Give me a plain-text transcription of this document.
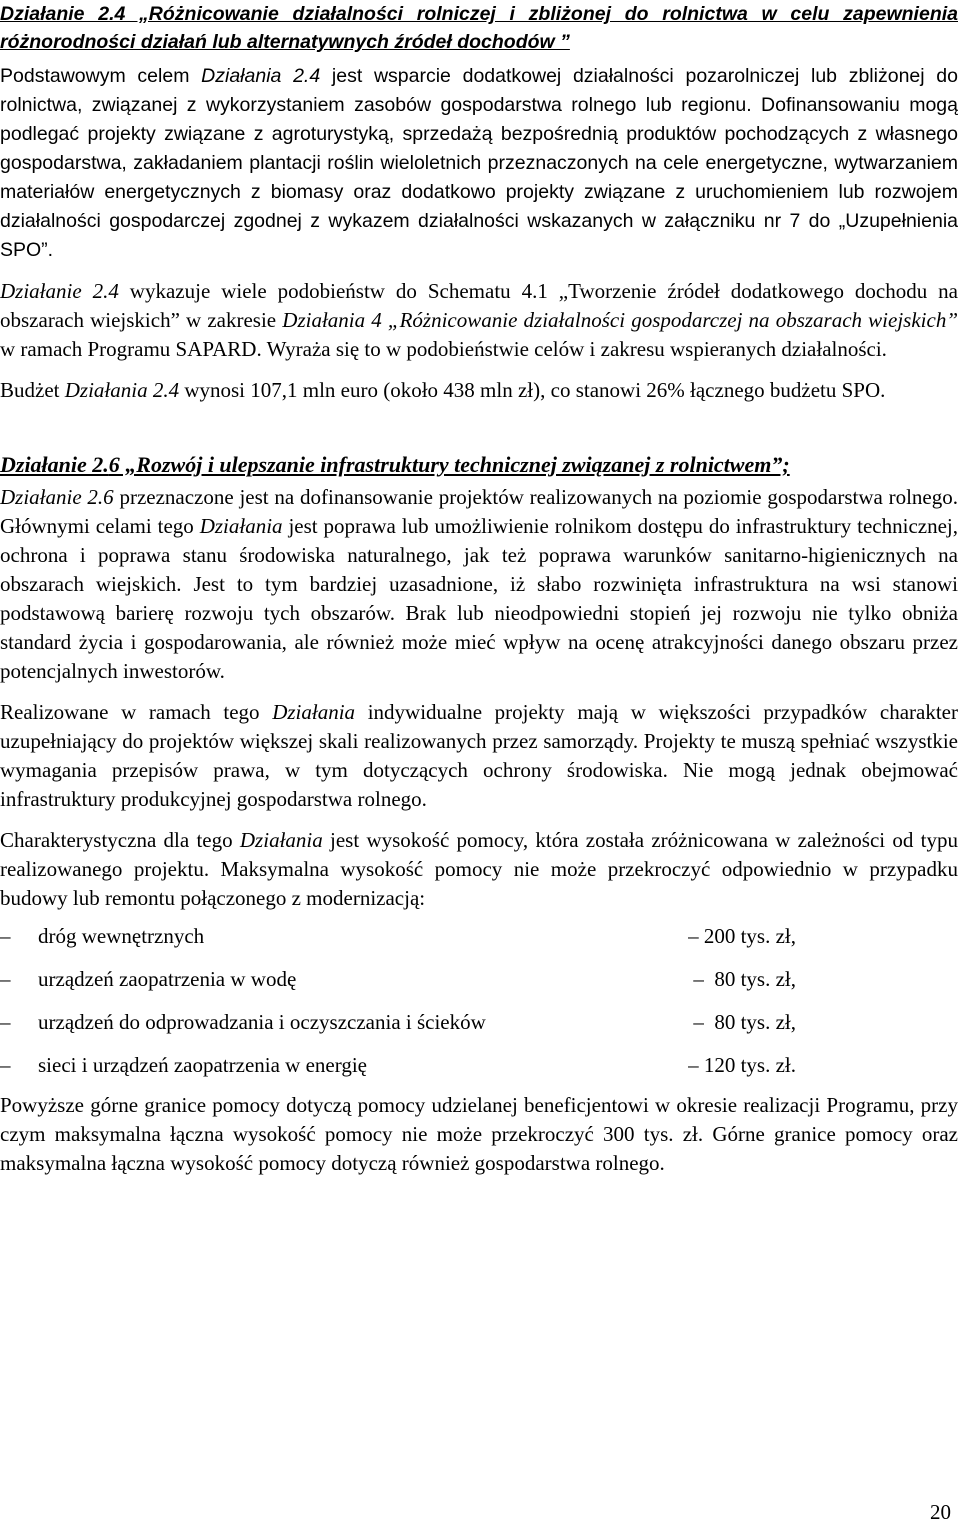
Działanie 2.4 „Różnicowanie działalności rolniczej i zbliżonej do rolnictwa w celu zapewnienia różnorodności działań lub alternatywnych źródeł dochodów ”

Podstawowym celem Działania 2.4 jest wsparcie dodatkowej działalności pozarolniczej lub zbliżonej do rolnictwa, związanej z wykorzystaniem zasobów gospodarstwa rolnego lub regionu. Dofinansowaniu mogą podlegać projekty związane z agroturystyką, sprzedażą bezpośrednią produktów pochodzących z własnego gospodarstwa, zakładaniem plantacji roślin wieloletnich przeznaczonych na cele energetyczne, wytwarzaniem materiałów energetycznych z biomasy oraz dodatkowo projekty związane z uruchomieniem lub rozwojem działalności gospodarczej zgodnej z wykazem działalności wskazanych w załączniku nr 7 do „Uzupełnienia SPO”.

Działanie 2.4 wykazuje wiele podobieństw do Schematu 4.1 „Tworzenie źródeł dodatkowego dochodu na obszarach wiejskich” w zakresie Działania 4 „Różnicowanie działalności gospodarczej na obszarach wiejskich” w ramach Programu SAPARD. Wyraża się to w podobieństwie celów i zakresu wspieranych działalności.

Budżet Działania 2.4 wynosi 107,1 mln euro (około 438 mln zł), co stanowi 26% łącznego budżetu SPO.

Działanie 2.6 „Rozwój i ulepszanie infrastruktury technicznej związanej z rolnictwem”;

Działanie 2.6 przeznaczone jest na dofinansowanie projektów realizowanych na poziomie gospodarstwa rolnego. Głównymi celami tego Działania jest poprawa lub umożliwienie rolnikom dostępu do infrastruktury technicznej, ochrona i poprawa stanu środowiska naturalnego, jak też poprawa warunków sanitarno-higienicznych na obszarach wiejskich. Jest to tym bardziej uzasadnione, iż słabo rozwinięta infrastruktura na wsi stanowi podstawową barierę rozwoju tych obszarów. Brak lub nieodpowiedni stopień jej rozwoju nie tylko obniża standard życia i gospodarowania, ale również może mieć wpływ na ocenę atrakcyjności danego obszaru przez potencjalnych inwestorów.

Realizowane w ramach tego Działania indywidualne projekty mają w większości przypadków charakter uzupełniający do projektów większej skali realizowanych przez samorządy. Projekty te muszą spełniać wszystkie wymagania przepisów prawa, w tym dotyczących ochrony środowiska. Nie mogą jednak obejmować infrastruktury produkcyjnej gospodarstwa rolnego.

Charakterystyczna dla tego Działania jest wysokość pomocy, która została zróżnicowana w zależności od typu realizowanego projektu. Maksymalna wysokość pomocy nie może przekroczyć odpowiednio w przypadku budowy lub remontu połączonego z modernizacją:

–	dróg wewnętrznych	– 200 tys. zł,
–	urządzeń zaopatrzenia w wodę	–  80 tys. zł,
–	urządzeń do odprowadzania i oczyszczania i ścieków	–  80 tys. zł,
–	sieci i urządzeń zaopatrzenia w energię	– 120 tys. zł.

Powyższe górne granice pomocy dotyczą pomocy udzielanej beneficjentowi w okresie realizacji Programu, przy czym maksymalna łączna wysokość pomocy nie może przekroczyć 300 tys. zł. Górne granice pomocy oraz maksymalna łączna wysokość pomocy dotyczą również gospodarstwa rolnego.

20
